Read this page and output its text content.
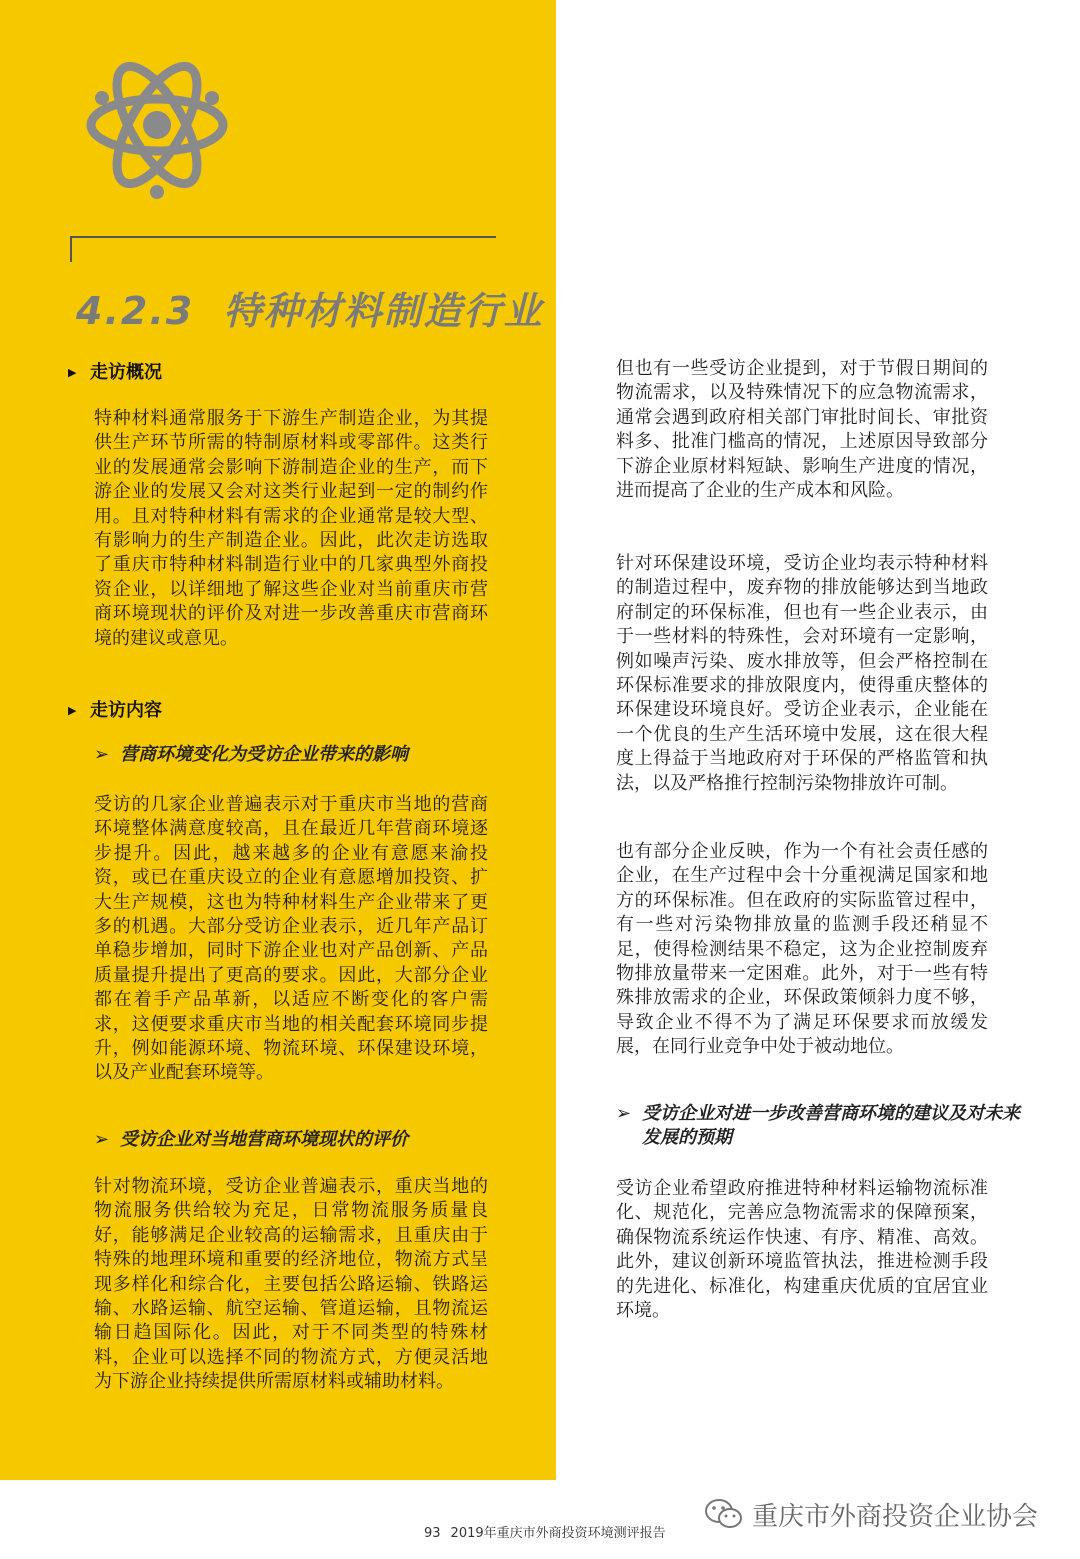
4.2.3 特种材料制造行业
▶ 走访概况

特种材料通常服务于下游生产制造企业，为其提供生产环节所需的特制原材料或零部件。这类行业的发展通常会影响下游制造企业的生产，而下游企业的发展又会对这类行业起到一定的制约作用。且对特种材料有需求的企业通常是较大型、有影响力的生产制造企业。因此，此次走访选取了重庆市特种材料制造行业中的几家典型外商投资企业，以详细地了解这些企业对当前重庆市营商环境现状的评价及对进一步改善重庆市营商环境的建议或意见。

▶ 走访内容
➢ 营商环境变化为受访企业带来的影响

受访的几家企业普遍表示对于重庆市当地的营商环境整体满意度较高，且在最近几年营商环境逐步提升。因此，越来越多的企业有意愿来渝投资，或已在重庆设立的企业有意愿增加投资、扩大生产规模，这也为特种材料生产企业带来了更多的机遇。大部分受访企业表示，近几年产品订单稳步增加，同时下游企业也对产品创新、产品质量提升提出了更高的要求。因此，大部分企业都在着手产品革新，以适应不断变化的客户需求，这便要求重庆市当地的相关配套环境同步提升，例如能源环境、物流环境、环保建设环境，以及产业配套环境等。

➢ 受访企业对当地营商环境现状的评价

针对物流环境，受访企业普遍表示，重庆当地的物流服务供给较为充足，日常物流服务质量良好，能够满足企业较高的运输需求，且重庆由于特殊的地理环境和重要的经济地位，物流方式呈现多样化和综合化，主要包括公路运输、铁路运输、水路运输、航空运输、管道运输，且物流运输日趋国际化。因此，对于不同类型的特殊材料，企业可以选择不同的物流方式，方便灵活地为下游企业持续提供所需原材料或辅助材料。

但也有一些受访企业提到，对于节假日期间的物流需求，以及特殊情况下的应急物流需求，通常会遇到政府相关部门审批时间长、审批资料多、批准门槛高的情况，上述原因导致部分下游企业原材料短缺、影响生产进度的情况，进而提高了企业的生产成本和风险。

针对环保建设环境，受访企业均表示特种材料的制造过程中，废弃物的排放能够达到当地政府制定的环保标准，但也有一些企业表示，由于一些材料的特殊性，会对环境有一定影响，例如噪声污染、废水排放等，但会严格控制在环保标准要求的排放限度内，使得重庆整体的环保建设环境良好。受访企业表示，企业能在一个优良的生产生活环境中发展，这在很大程度上得益于当地政府对于环保的严格监管和执法，以及严格推行控制污染物排放许可制。

也有部分企业反映，作为一个有社会责任感的企业，在生产过程中会十分重视满足国家和地方的环保标准。但在政府的实际监管过程中，有一些对污染物排放量的监测手段还稍显不足，使得检测结果不稳定，这为企业控制废弃物排放量带来一定困难。此外，对于一些有特殊排放需求的企业，环保政策倾斜力度不够，导致企业不得不为了满足环保要求而放缓发展，在同行业竞争中处于被动地位。

➢ 受访企业对进一步改善营商环境的建议及对未来发展的预期

受访企业希望政府推进特种材料运输物流标准化、规范化，完善应急物流需求的保障预案，确保物流系统运作快速、有序、精准、高效。此外，建议创新环境监管执法，推进检测手段的先进化、标准化，构建重庆优质的宜居宜业环境。

93 2019年重庆市外商投资环境测评报告
重庆市外商投资企业协会
